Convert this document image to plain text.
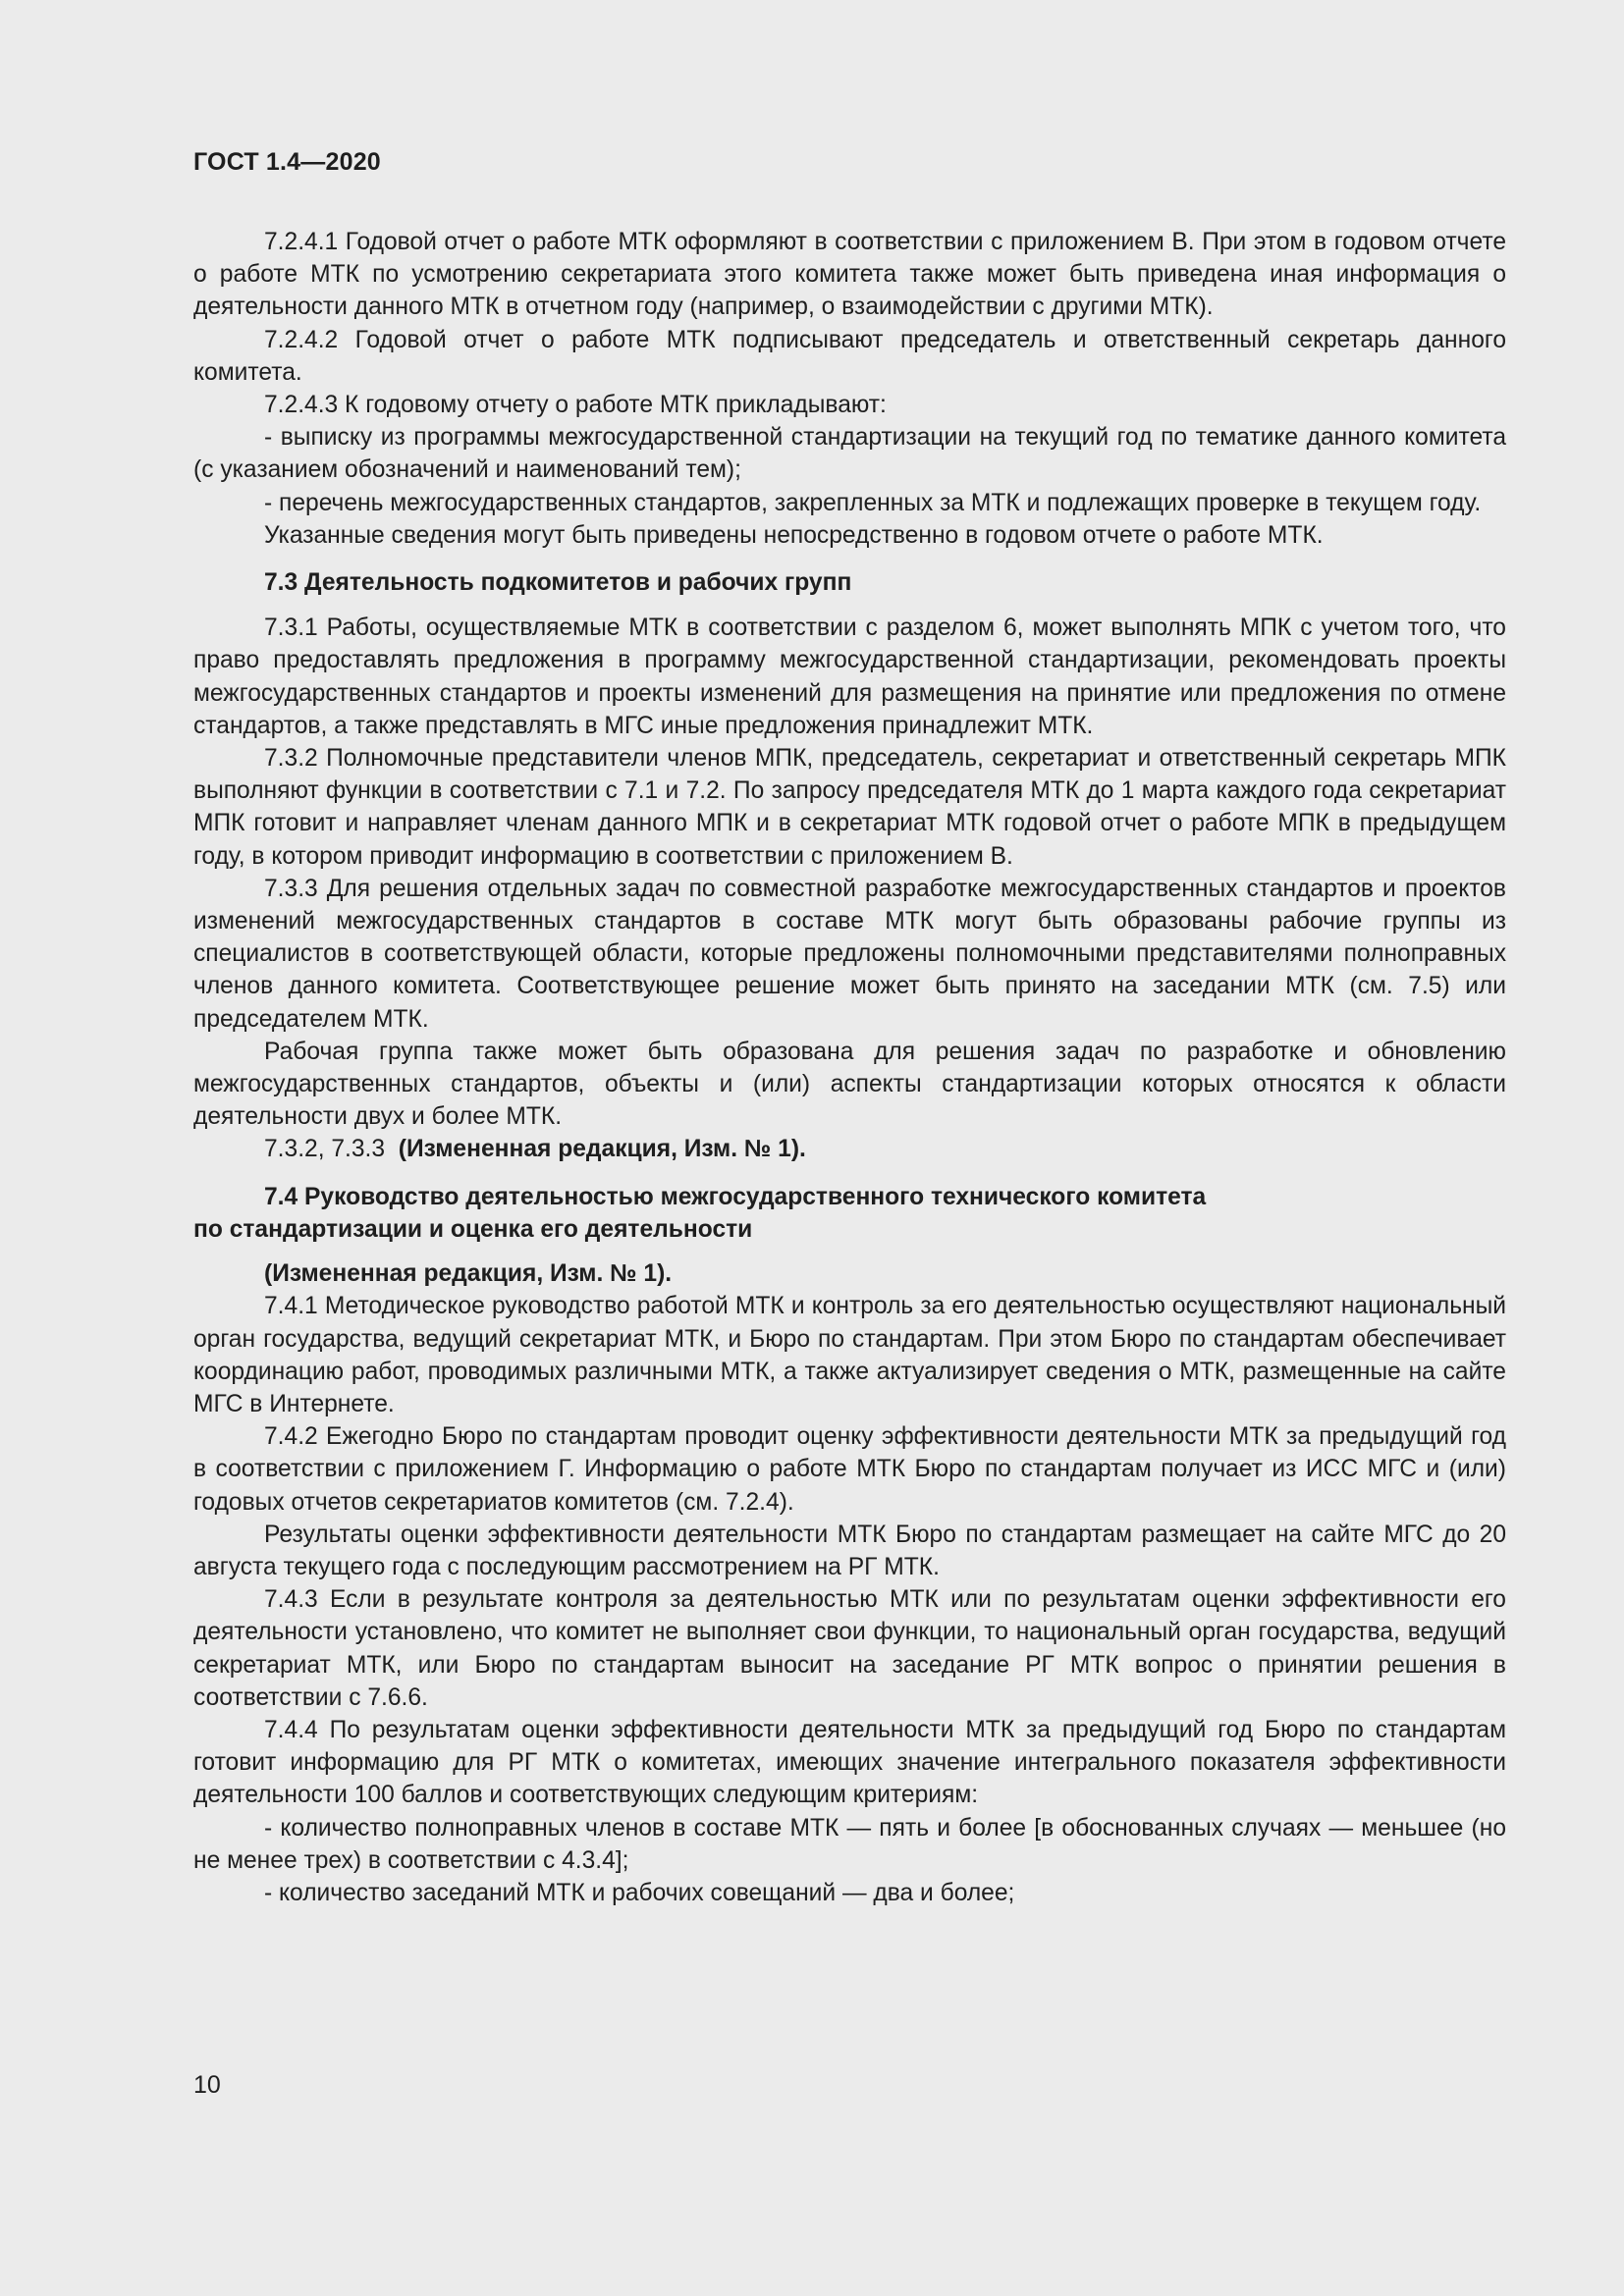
ГОСТ 1.4—2020

7.2.4.1 Годовой отчет о работе МТК оформляют в соответствии с приложением В. При этом в годовом отчете о работе МТК по усмотрению секретариата этого комитета также может быть приведена иная информация о деятельности данного МТК в отчетном году (например, о взаимодействии с другими МТК).

7.2.4.2 Годовой отчет о работе МТК подписывают председатель и ответственный секретарь данного комитета.

7.2.4.3 К годовому отчету о работе МТК прикладывают:

- выписку из программы межгосударственной стандартизации на текущий год по тематике данного комитета (с указанием обозначений и наименований тем);

- перечень межгосударственных стандартов, закрепленных за МТК и подлежащих проверке в текущем году.

Указанные сведения могут быть приведены непосредственно в годовом отчете о работе МТК.

7.3 Деятельность подкомитетов и рабочих групп

7.3.1 Работы, осуществляемые МТК в соответствии с разделом 6, может выполнять МПК с учетом того, что право предоставлять предложения в программу межгосударственной стандартизации, рекомендовать проекты межгосударственных стандартов и проекты изменений для размещения на принятие или предложения по отмене стандартов, а также представлять в МГС иные предложения принадлежит МТК.

7.3.2 Полномочные представители членов МПК, председатель, секретариат и ответственный секретарь МПК выполняют функции в соответствии с 7.1 и 7.2. По запросу председателя МТК до 1 марта каждого года секретариат МПК готовит и направляет членам данного МПК и в секретариат МТК годовой отчет о работе МПК в предыдущем году, в котором приводит информацию в соответствии с приложением В.

7.3.3 Для решения отдельных задач по совместной разработке межгосударственных стандартов и проектов изменений межгосударственных стандартов в составе МТК могут быть образованы рабочие группы из специалистов в соответствующей области, которые предложены полномочными представителями полноправных членов данного комитета. Соответствующее решение может быть принято на заседании МТК (см. 7.5) или председателем МТК.

Рабочая группа также может быть образована для решения задач по разработке и обновлению межгосударственных стандартов, объекты и (или) аспекты стандартизации которых относятся к области деятельности двух и более МТК.

7.3.2, 7.3.3 (Измененная редакция, Изм. № 1).

7.4 Руководство деятельностью межгосударственного технического комитета
по стандартизации и оценка его деятельности

(Измененная редакция, Изм. № 1).

7.4.1 Методическое руководство работой МТК и контроль за его деятельностью осуществляют национальный орган государства, ведущий секретариат МТК, и Бюро по стандартам. При этом Бюро по стандартам обеспечивает координацию работ, проводимых различными МТК, а также актуализирует сведения о МТК, размещенные на сайте МГС в Интернете.

7.4.2 Ежегодно Бюро по стандартам проводит оценку эффективности деятельности МТК за предыдущий год в соответствии с приложением Г. Информацию о работе МТК Бюро по стандартам получает из ИСС МГС и (или) годовых отчетов секретариатов комитетов (см. 7.2.4).

Результаты оценки эффективности деятельности МТК Бюро по стандартам размещает на сайте МГС до 20 августа текущего года с последующим рассмотрением на РГ МТК.

7.4.3 Если в результате контроля за деятельностью МТК или по результатам оценки эффективности его деятельности установлено, что комитет не выполняет свои функции, то национальный орган государства, ведущий секретариат МТК, или Бюро по стандартам выносит на заседание РГ МТК вопрос о принятии решения в соответствии с 7.6.6.

7.4.4 По результатам оценки эффективности деятельности МТК за предыдущий год Бюро по стандартам готовит информацию для РГ МТК о комитетах, имеющих значение интегрального показателя эффективности деятельности 100 баллов и соответствующих следующим критериям:

- количество полноправных членов в составе МТК — пять и более [в обоснованных случаях — меньшее (но не менее трех) в соответствии с 4.3.4];

- количество заседаний МТК и рабочих совещаний — два и более;

10
